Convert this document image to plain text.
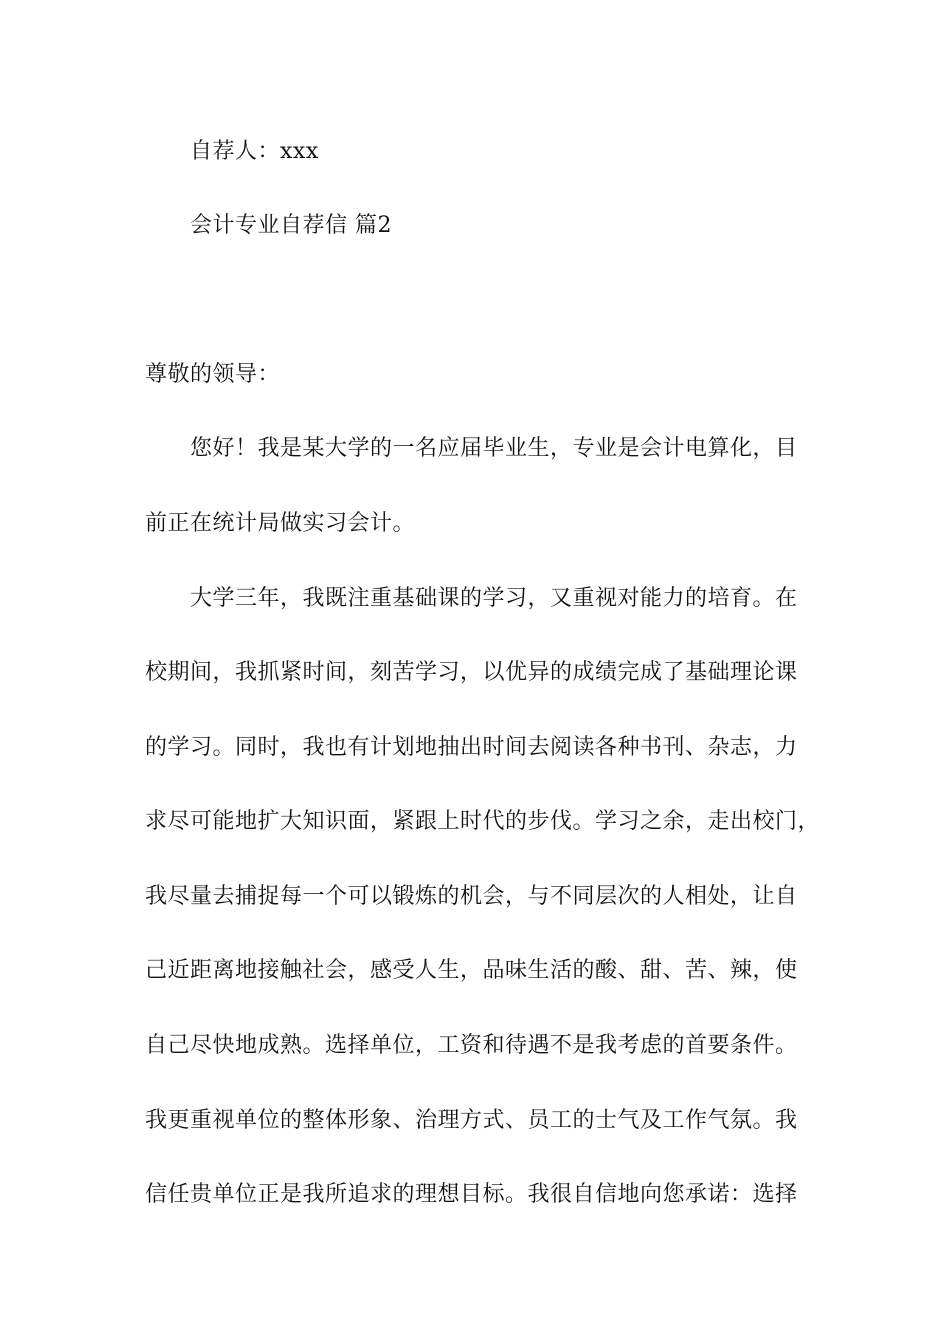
自荐人：xxx
会计专业自荐信 篇2
尊敬的领导：
您好！我是某大学的一名应届毕业生，专业是会计电算化，目
前正在统计局做实习会计。
大学三年，我既注重基础课的学习，又重视对能力的培育。在
校期间，我抓紧时间，刻苦学习，以优异的成绩完成了基础理论课
的学习。同时，我也有计划地抽出时间去阅读各种书刊、杂志，力
求尽可能地扩大知识面，紧跟上时代的步伐。学习之余，走出校门，
我尽量去捕捉每一个可以锻炼的机会，与不同层次的人相处，让自
己近距离地接触社会，感受人生，品味生活的酸、甜、苦、辣，使
自己尽快地成熟。选择单位，工资和待遇不是我考虑的首要条件。
我更重视单位的整体形象、治理方式、员工的士气及工作气氛。我
信任贵单位正是我所追求的理想目标。我很自信地向您承诺：选择
